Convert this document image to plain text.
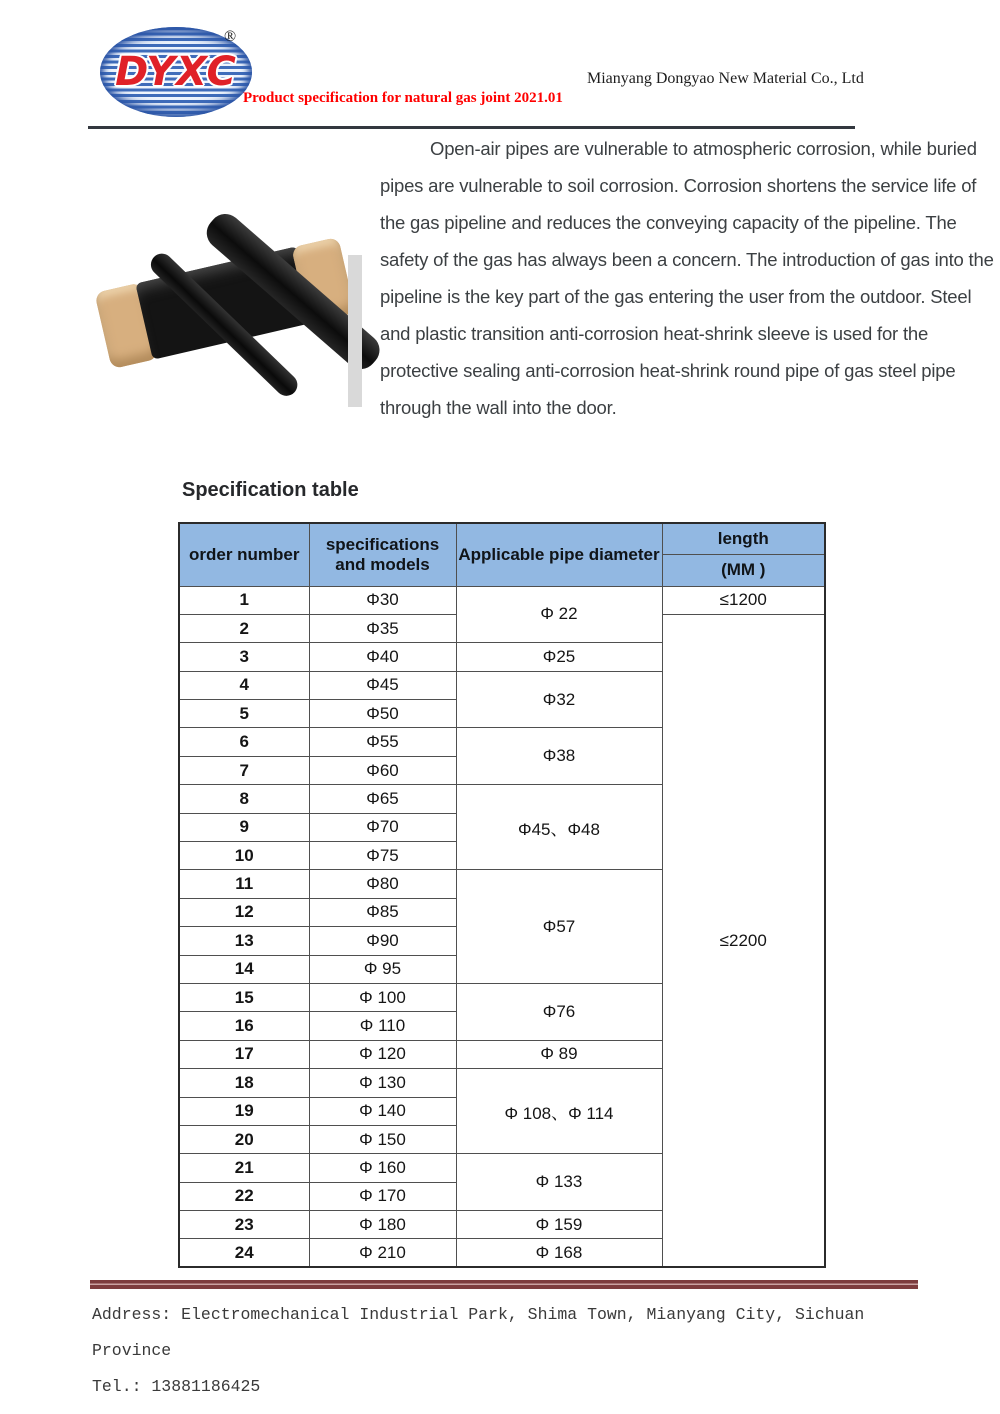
DYXC
®
Product specification for natural gas joint 2021.01
Mianyang Dongyao New Material Co., Ltd
Open-air pipes are vulnerable to atmospheric corrosion, while buried pipes are vulnerable to soil corrosion. Corrosion shortens the service life of the gas pipeline and reduces the conveying capacity of the pipeline. The safety of the gas has always been a concern. The introduction of gas into the pipeline is the key part of the gas entering the user from the outdoor. Steel and plastic transition anti-corrosion heat-shrink sleeve is used for the protective sealing anti-corrosion heat-shrink round pipe of gas steel pipe through the wall into the door.
Specification table
order number	specifications and models	Applicable pipe diameter	length
			(MM )
1	Φ30	Φ 22	≤1200
2	Φ35		≤2200
3	Φ40	Φ25	
4	Φ45	Φ32	
5	Φ50		
6	Φ55	Φ38	
7	Φ60		
8	Φ65	Φ45、Φ48	
9	Φ70		
10	Φ75		
11	Φ80	Φ57	
12	Φ85		
13	Φ90		
14	Φ 95		
15	Φ 100	Φ76	
16	Φ 110		
17	Φ 120	Φ 89	
18	Φ 130	Φ 108、Φ 114	
19	Φ 140		
20	Φ 150		
21	Φ 160	Φ 133	
22	Φ 170		
23	Φ 180	Φ 159	
24	Φ 210	Φ 168	
Address: Electromechanical Industrial Park, Shima Town, Mianyang City, Sichuan Province
Tel.: 13881186425
